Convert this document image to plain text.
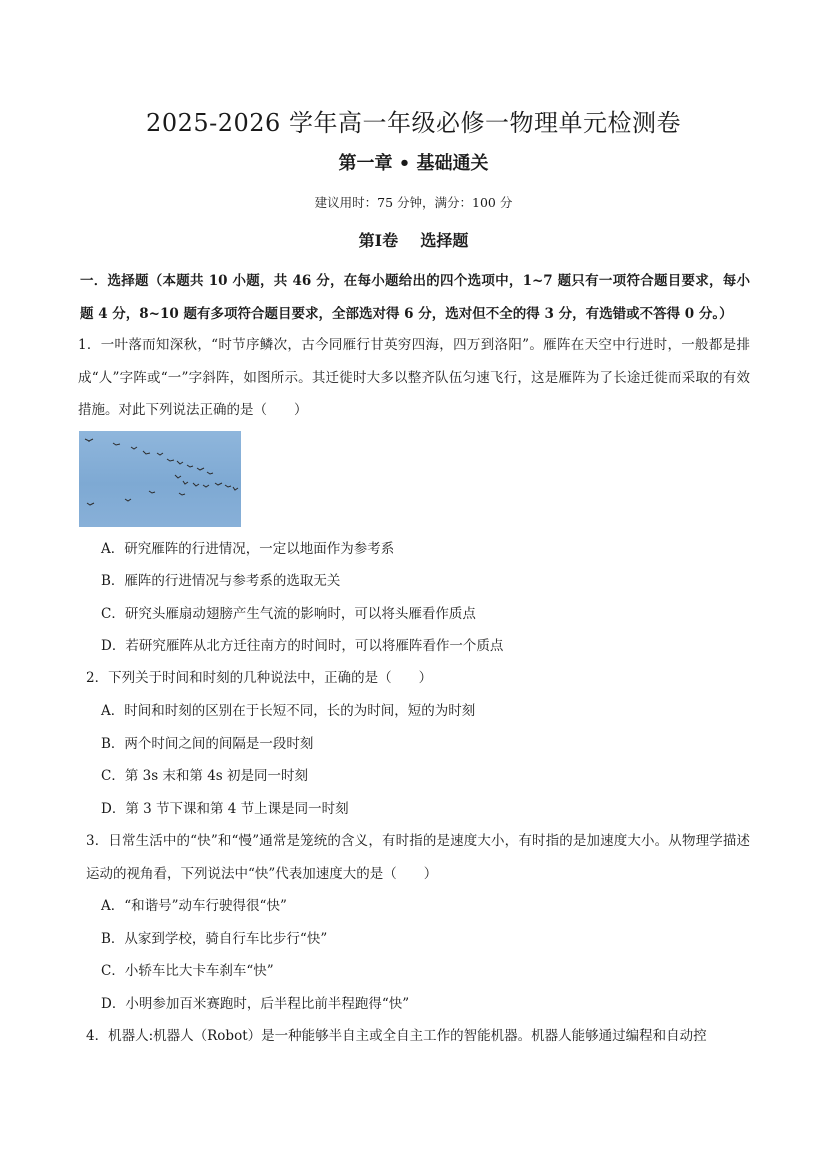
2025-2026 学年高一年级必修一物理单元检测卷
第一章 • 基础通关
建议用时：75 分钟，满分：100 分
第Ⅰ卷    选择题
一．选择题（本题共 10 小题，共 46 分，在每小题给出的四个选项中，1~7 题只有一项符合题目要求，每小题 4 分，8~10 题有多项符合题目要求，全部选对得 6 分，选对但不全的得 3 分，有选错或不答得 0 分。）
1．一叶落而知深秋，“时节序鳞次，古今同雁行甘英穷四海，四万到洛阳”。雁阵在天空中行进时，一般都是排成“人”字阵或“一”字斜阵，如图所示。其迁徙时大多以整齐队伍匀速飞行，这是雁阵为了长途迁徙而采取的有效措施。对此下列说法正确的是（　　）
A．研究雁阵的行进情况，一定以地面作为参考系
B．雁阵的行进情况与参考系的选取无关
C．研究头雁扇动翅膀产生气流的影响时，可以将头雁看作质点
D．若研究雁阵从北方迁往南方的时间时，可以将雁阵看作一个质点
2．下列关于时间和时刻的几种说法中，正确的是（　　）
A．时间和时刻的区别在于长短不同，长的为时间，短的为时刻
B．两个时间之间的间隔是一段时刻
C．第 3s 末和第 4s 初是同一时刻
D．第 3 节下课和第 4 节上课是同一时刻
3．日常生活中的“快”和“慢”通常是笼统的含义，有时指的是速度大小，有时指的是加速度大小。从物理学描述运动的视角看，下列说法中“快”代表加速度大的是（　　）
A．“和谐号”动车行驶得很“快”
B．从家到学校，骑自行车比步行“快”
C．小轿车比大卡车刹车“快”
D．小明参加百米赛跑时，后半程比前半程跑得“快”
4．机器人:机器人（Robot）是一种能够半自主或全自主工作的智能机器。机器人能够通过编程和自动控
